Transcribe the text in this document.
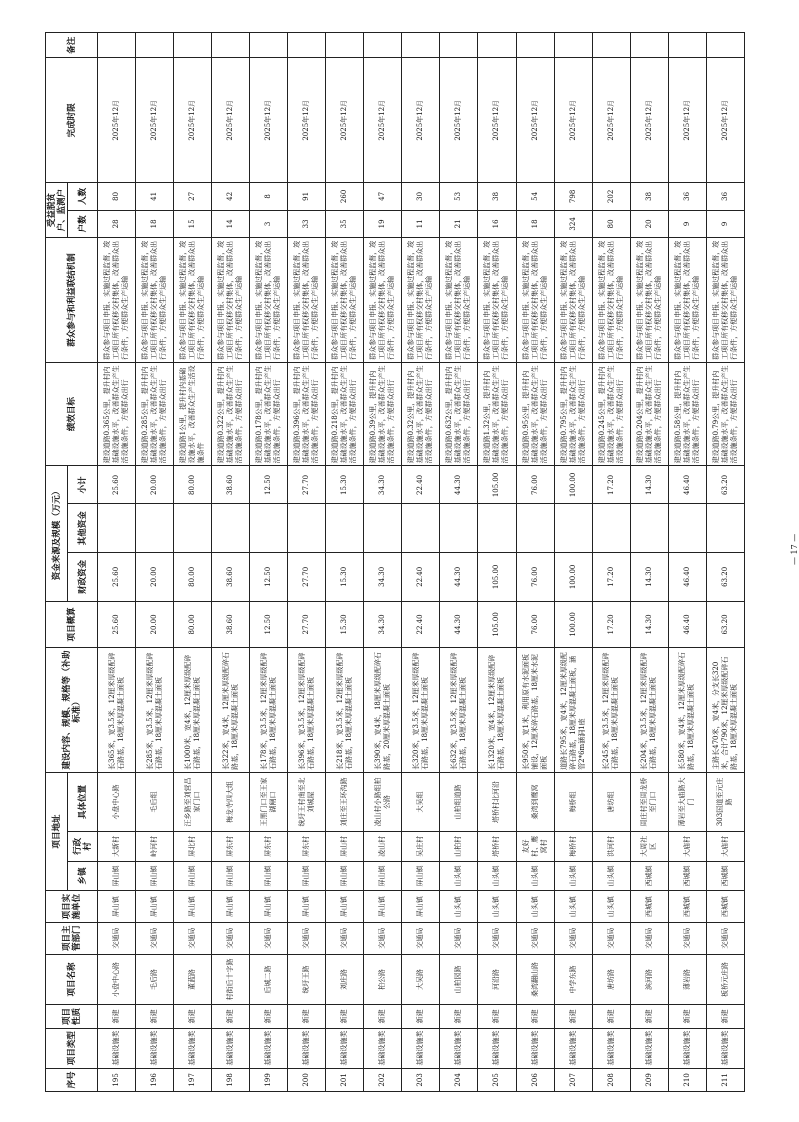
序号	项目类型	项目性质	项目名称	项目主管部门	项目实施单位	项目地址			建设内容、规模、规格等（补助标准）	项目概算	资金来源及规模（万元）			绩效目标	群众参与和利益联结机制	受益脱贫户、监测户		完成时限	备注
						乡镇	行政村	具体位置			财政资金	其他资金	小计			户数	人数		

195	基础设施类	新建	小盘中心路	交通局	屏山镇	屏山镇	大新村	小盘中心路	长365米，宽3.5米，12厘米厚级配碎石路基，18厘米厚混凝土面板	25.60	25.60		25.60	建设道路0.365公里，提升村内基础设施水平，改善群众生产生活设施条件，方便群众出行	群众参与项目申报、实施过程监督，竣工项目所有权移交村集体，改善群众出行条件，方便群众生产运输	28	80	2025年12月	
196	基础设施类	新建	毛后路	交通局	屏山镇	屏山镇	岭河村	毛后组	长285米，宽3.5米，12厘米厚级配碎石路基，18厘米厚混凝土面板	20.00	20.00		20.00	建设道路0.285公里，提升村内基础设施水平，改善群众生产生活设施条件，方便群众出行	群众参与项目申报、实施过程监督，竣工项目所有权移交村集体，改善群众出行条件，方便群众生产运输	18	41	2025年12月	
197	基础设施类	新建	董蓝路	交通局	屏山镇	屏山镇	屏北村	汪乡路至刘营昌家门口	长1000米，宽4米，12厘米厚级配碎石路基，18厘米厚混凝土面板	80.00	80.00		80.00	建设道路1公里，提升村内基础设施水平，改善群众生产生活设施条件	群众参与项目申报、实施过程监督，竣工项目所有权移交村集体，改善群众出行条件，方便群众生产运输	15	27	2025年12月	
198	基础设施类	新建	村街后十字路	交通局	屏山镇	屏山镇	屏东村	梅龙寺四大组	长322米，宽4米，12厘米厚级配碎石路基，18厘米厚混凝土面板	38.60	38.60		38.60	建设道路0.322公里，提升村内基础设施水平，改善群众生产生活设施条件，方便群众出行	群众参与项目申报、实施过程监督，竣工项目所有权移交村集体，改善群众出行条件，方便群众生产运输	14	42	2025年12月	
199	基础设施类	新建	后城二路	交通局	屏山镇	屏山镇	屏东村	王黑门口至王家湖闸口	长178米，宽3.5米，12厘米厚级配碎石路基，18厘米厚混凝土面板	12.50	12.50		12.50	建设道路0.178公里，提升村内基础设施水平，改善群众生产生活设施条件，方便群众出行	群众参与项目申报、实施过程监督，竣工项目所有权移交村集体，改善群众出行条件，方便群众生产运输	3	8	2025年12月	
200	基础设施类	新建	统圩王路	交通局	屏山镇	屏山镇	屏东村	统圩王村南至北刘城屋	长396米，宽3.5米，12厘米厚级配碎石路基，18厘米厚混凝土面板	27.70	27.70		27.70	建设道路0.396公里，提升村内基础设施水平，改善群众生产生活设施条件，方便群众出行	群众参与项目申报、实施过程监督，竣工项目所有权移交村集体，改善群众出行条件，方便群众生产运输	33	91	2025年12月	
201	基础设施类	新建	刘庄路	交通局	屏山镇	屏山镇	屏山村	刘庄至王环沟路	长218米，宽3.5米，12厘米厚级配碎石路基，18厘米厚混凝土面板	15.30	15.30		15.30	建设道路0.218公里，提升村内基础设施水平，改善群众生产生活设施条件，方便群众出行	群众参与项目申报、实施过程监督，竣工项目所有权移交村集体，改善群众出行条件，方便群众生产运输	35	260	2025年12月	
202	基础设施类	新建	柏公路	交通局	屏山镇	屏山镇	凌山村	凌山村小路组柏公路	长390米，宽4米，18厘米厚级配碎石路基，20厘米厚混凝土面板	34.30	34.30		34.30	建设道路0.39公里，提升村内基础设施水平，改善群众生产生活设施条件，方便群众出行	群众参与项目申报、实施过程监督，竣工项目所有权移交村集体，改善群众出行条件，方便群众生产运输	19	47	2025年12月	
203	基础设施类	新建	大吴路	交通局	屏山镇	屏山镇	吴庄村	大吴组	长320米，宽3.5米，12厘米厚级配碎石路基，18厘米厚混凝土面板	22.40	22.40		22.40	建设道路0.32公里，提升村内基础设施水平，改善群众生产生活设施条件，方便群众出行	群众参与项目申报、实施过程监督，竣工项目所有权移交村集体，改善群众出行条件，方便群众生产运输	11	30	2025年12月	
204	基础设施类	新建	山柏园路	交通局	山头镇	山头镇	山柏村	山柏组道路	长632米，宽3.5米，12厘米厚级配碎石路基，18厘米厚混凝土面板	44.30	44.30		44.30	建设道路0.632公里，提升村内基础设施水平，改善群众生产生活设施条件，方便群众出行	群众参与项目申报、实施过程监督，竣工项目所有权移交村集体，改善群众出行条件，方便群众生产运输	21	53	2025年12月	
205	基础设施类	新建	河沿路	交通局	山头镇	山头镇	塔桥村	塔桥村北河沿	长1320米，宽4米，12厘米厚级配碎石路基，18厘米厚混凝土面板	105.00	105.00		105.00	建设道路1.32公里，提升村内基础设施水平，改善群众生产生活设施条件，方便群众出行	群众参与项目申报、实施过程监督，竣工项目所有权移交村集体，改善群众出行条件，方便群众生产运输	16	38	2025年12月	
206	基础设施类	新建	桑湾翻山路	交通局	山头镇	山头镇	友好村、鹰窝村	桑湾到鹰窝	长950米，宽1米，利用原有水泥面板铺设，12厘米碎石路基，18厘米水泥面板	76.00	76.00		76.00	建设道路0.95公里，提升村内基础设施水平，改善群众生产生活设施条件，方便群众出行	群众参与项目申报、实施过程监督，竣工项目所有权移交村集体，改善群众出行条件，方便群众生产运输	18	54	2025年12月	
207	基础设施类	新建	中学东路	交通局	山头镇	山头镇	梅桥村	梅桥组	道路长795米，宽4米，12厘米厚级配碎石路基，18厘米厚混凝土面板，涵管2*6m涵洞1座	100.00	100.00		100.00	建设道路0.795公里，提升村内基础设施水平，改善群众生产生活设施条件，方便群众出行	群众参与项目申报、实施过程监督，竣工项目所有权移交村集体，改善群众出行条件，方便群众生产运输	324	798	2025年12月	
208	基础设施类	新建	唐坊路	交通局	山头镇	山头镇	洪河村	唐坊组	长245米，宽3.5米，12厘米厚级配碎石路基，18厘米厚混凝土面板	17.20	17.20		17.20	建设道路0.245公里，提升村内基础设施水平，改善群众生产生活设施条件，方便群众出行	群众参与项目申报、实施过程监督，竣工项目所有权移交村集体，改善群众出行条件，方便群众生产运输	80	202	2025年12月	
209	基础设施类	新建	滨河路	交通局	西城镇	西城镇	大周社区	周庄村至周龙桥至门口	长204米，宽3.5米，12厘米厚级配碎石路基，18厘米厚混凝土面板	14.30	14.30		14.30	建设道路0.204公里，提升村内基础设施水平，改善群众生产生活设施条件，方便群众出行	群众参与项目申报、实施过程监督，竣工项目所有权移交村集体，改善群众出行条件，方便群众生产运输	20	38	2025年12月	
210	基础设施类	新建	薄岩路	交通局	西城镇	西城镇	大庙村	薄岩至大庙路大门	长580米，宽4米，12厘米厚级配碎石路基，18厘米厚混凝土面板	46.40	46.40		46.40	建设道路0.58公里，提升村内基础设施水平，改善群众生产生活设施条件，方便群众出行	群众参与项目申报、实施过程监督，竣工项目所有权移交村集体，改善群众出行条件，方便群众生产运输	9	36	2025年12月	
211	基础设施类	新建	板桥元庄路	交通局	西城镇	西城镇	大庙村	303国道至元庄路	主路长470米，宽4米，分支长320米，合计790米，12厘米厚级配碎石路基，18厘米厚混凝土面板	63.20	63.20		63.20	建设道路0.79公里，提升村内基础设施水平，改善群众生产生活设施条件，方便群众出行	群众参与项目申报、实施过程监督，竣工项目所有权移交村集体，改善群众出行条件，方便群众生产运输	9	36	2025年12月	
— 17 —
